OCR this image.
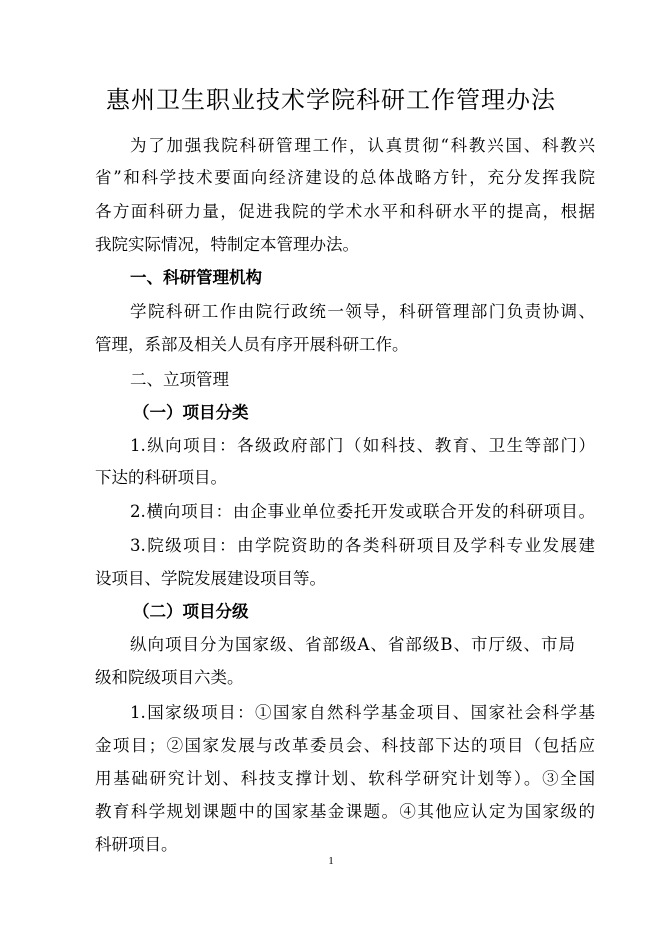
惠州卫生职业技术学院科研工作管理办法
为了加强我院科研管理工作，认真贯彻“科教兴国、科教兴
省”和科学技术要面向经济建设的总体战略方针，充分发挥我院
各方面科研力量，促进我院的学术水平和科研水平的提高，根据
我院实际情况，特制定本管理办法。
一、科研管理机构
学院科研工作由院行政统一领导，科研管理部门负责协调、
管理，系部及相关人员有序开展科研工作。
二、立项管理
（一）项目分类
1.纵向项目：各级政府部门（如科技、教育、卫生等部门）
下达的科研项目。
2.横向项目：由企事业单位委托开发或联合开发的科研项目。
3.院级项目：由学院资助的各类科研项目及学科专业发展建
设项目、学院发展建设项目等。
（二）项目分级
纵向项目分为国家级、省部级A、省部级B、市厅级、市局
级和院级项目六类。
1.国家级项目：①国家自然科学基金项目、国家社会科学基
金项目；②国家发展与改革委员会、科技部下达的项目（包括应
用基础研究计划、科技支撑计划、软科学研究计划等）。③全国
教育科学规划课题中的国家基金课题。④其他应认定为国家级的
科研项目。
1
